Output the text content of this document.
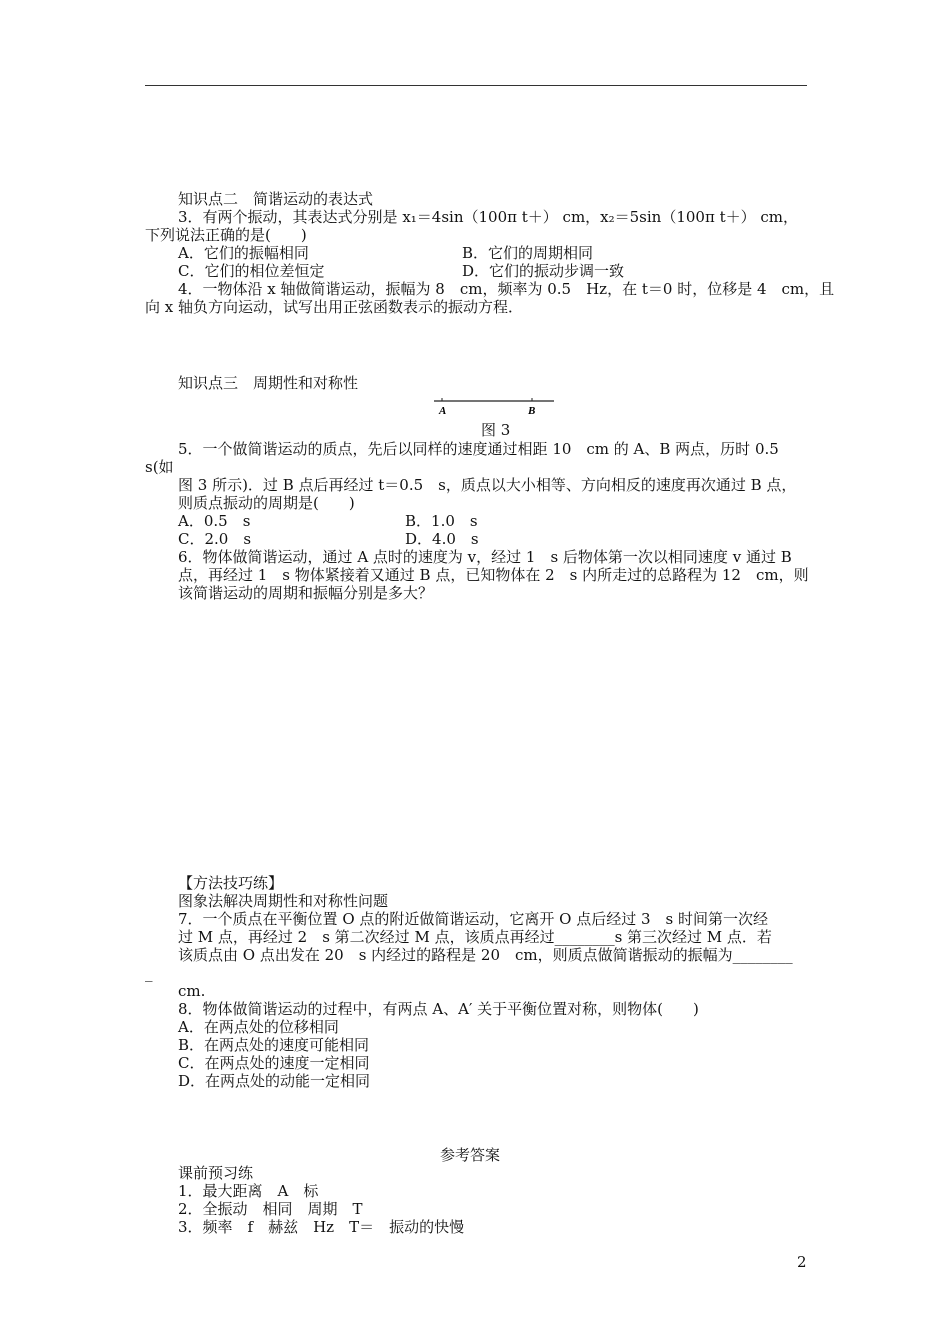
知识点二　简谐运动的表达式
3．有两个振动，其表达式分别是 x₁＝4sin（100π t＋） cm，x₂＝5sin（100π t＋） cm，
下列说法正确的是(　　)
A．它们的振幅相同	B．它们的周期相同
C．它们的相位差恒定	D．它们的振动步调一致
4．一物体沿 x 轴做简谐运动，振幅为 8　cm，频率为 0.5　Hz，在 t＝0 时，位移是 4　cm，且
向 x 轴负方向运动，试写出用正弦函数表示的振动方程．
知识点三　周期性和对称性
A	B
图 3
5．一个做简谐运动的质点，先后以同样的速度通过相距 10　cm 的 A、B 两点，历时 0.5
s(如
图 3 所示)．过 B 点后再经过 t＝0.5　s，质点以大小相等、方向相反的速度再次通过 B 点，
则质点振动的周期是(　　)
A．0.5　s	B．1.0　s
C．2.0　s	D．4.0　s
6．物体做简谐运动，通过 A 点时的速度为 v，经过 1　s 后物体第一次以相同速度 v 通过 B
点，再经过 1　s 物体紧接着又通过 B 点，已知物体在 2　s 内所走过的总路程为 12　cm，则
该简谐运动的周期和振幅分别是多大？
【方法技巧练】
图象法解决周期性和对称性问题
7．一个质点在平衡位置 O 点的附近做简谐运动，它离开 O 点后经过 3　s 时间第一次经
过 M 点，再经过 2　s 第二次经过 M 点，该质点再经过________s 第三次经过 M 点．若
该质点由 O 点出发在 20　s 内经过的路程是 20　cm，则质点做简谐振动的振幅为________
_
cm.
8．物体做简谐运动的过程中，有两点 A、A′ 关于平衡位置对称，则物体(　　)
A．在两点处的位移相同
B．在两点处的速度可能相同
C．在两点处的速度一定相同
D．在两点处的动能一定相同
参考答案
课前预习练
1．最大距离　A　标
2．全振动　相同　周期　T
3．频率　f　赫兹　Hz　T＝　振动的快慢
2
